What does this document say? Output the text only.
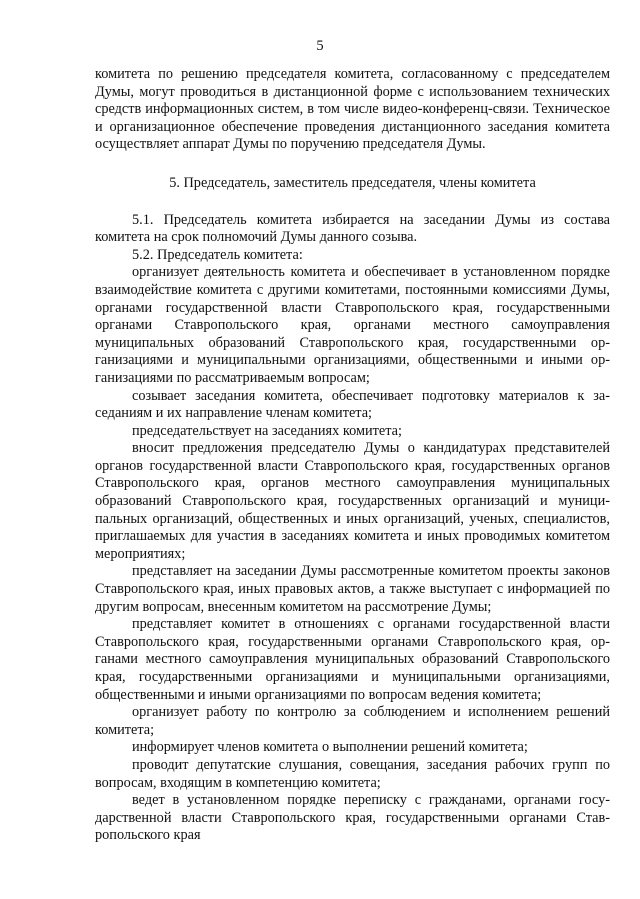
5

комитета по решению председателя комитета, согласованному с председателем Думы, могут проводиться в дистанционной форме с использованием технических средств информационных систем, в том числе видео-конференц-связи. Техническое и организационное обеспечение проведения дистанционного заседания комитета осуществляет аппарат Думы по поручению председателя Думы.

5. Председатель, заместитель председателя, члены комитета

5.1. Председатель комитета избирается на заседании Думы из состава комитета на срок полномочий Думы данного созыва.

5.2. Председатель комитета:

организует деятельность комитета и обеспечивает в установленном порядке взаимодействие комитета с другими комитетами, постоянными комиссиями Думы, органами государственной власти Ставропольского края, государственными органами Ставропольского края, органами местного самоуправления муниципальных образований Ставропольского края, государственными организациями и муниципальными организациями, общественными и иными организациями по рассматриваемым вопросам;

созывает заседания комитета, обеспечивает подготовку материалов к заседаниям и их направление членам комитета;

председательствует на заседаниях комитета;

вносит предложения председателю Думы о кандидатурах представителей органов государственной власти Ставропольского края, государственных органов Ставропольского края, органов местного самоуправления муниципальных образований Ставропольского края, государственных организаций и муниципальных организаций, общественных и иных организаций, ученых, специалистов, приглашаемых для участия в заседаниях комитета и иных проводимых комитетом мероприятиях;

представляет на заседании Думы рассмотренные комитетом проекты законов Ставропольского края, иных правовых актов, а также выступает с информацией по другим вопросам, внесенным комитетом на рассмотрение Думы;

представляет комитет в отношениях с органами государственной власти Ставропольского края, государственными органами Ставропольского края, органами местного самоуправления муниципальных образований Ставропольского края, государственными организациями и муниципальными организациями, общественными и иными организациями по вопросам ведения комитета;

организует работу по контролю за соблюдением и исполнением решений комитета;

информирует членов комитета о выполнении решений комитета;

проводит депутатские слушания, совещания, заседания рабочих групп по вопросам, входящим в компетенцию комитета;

ведет в установленном порядке переписку с гражданами, органами государственной власти Ставропольского края, государственными органами Ставропольского края
